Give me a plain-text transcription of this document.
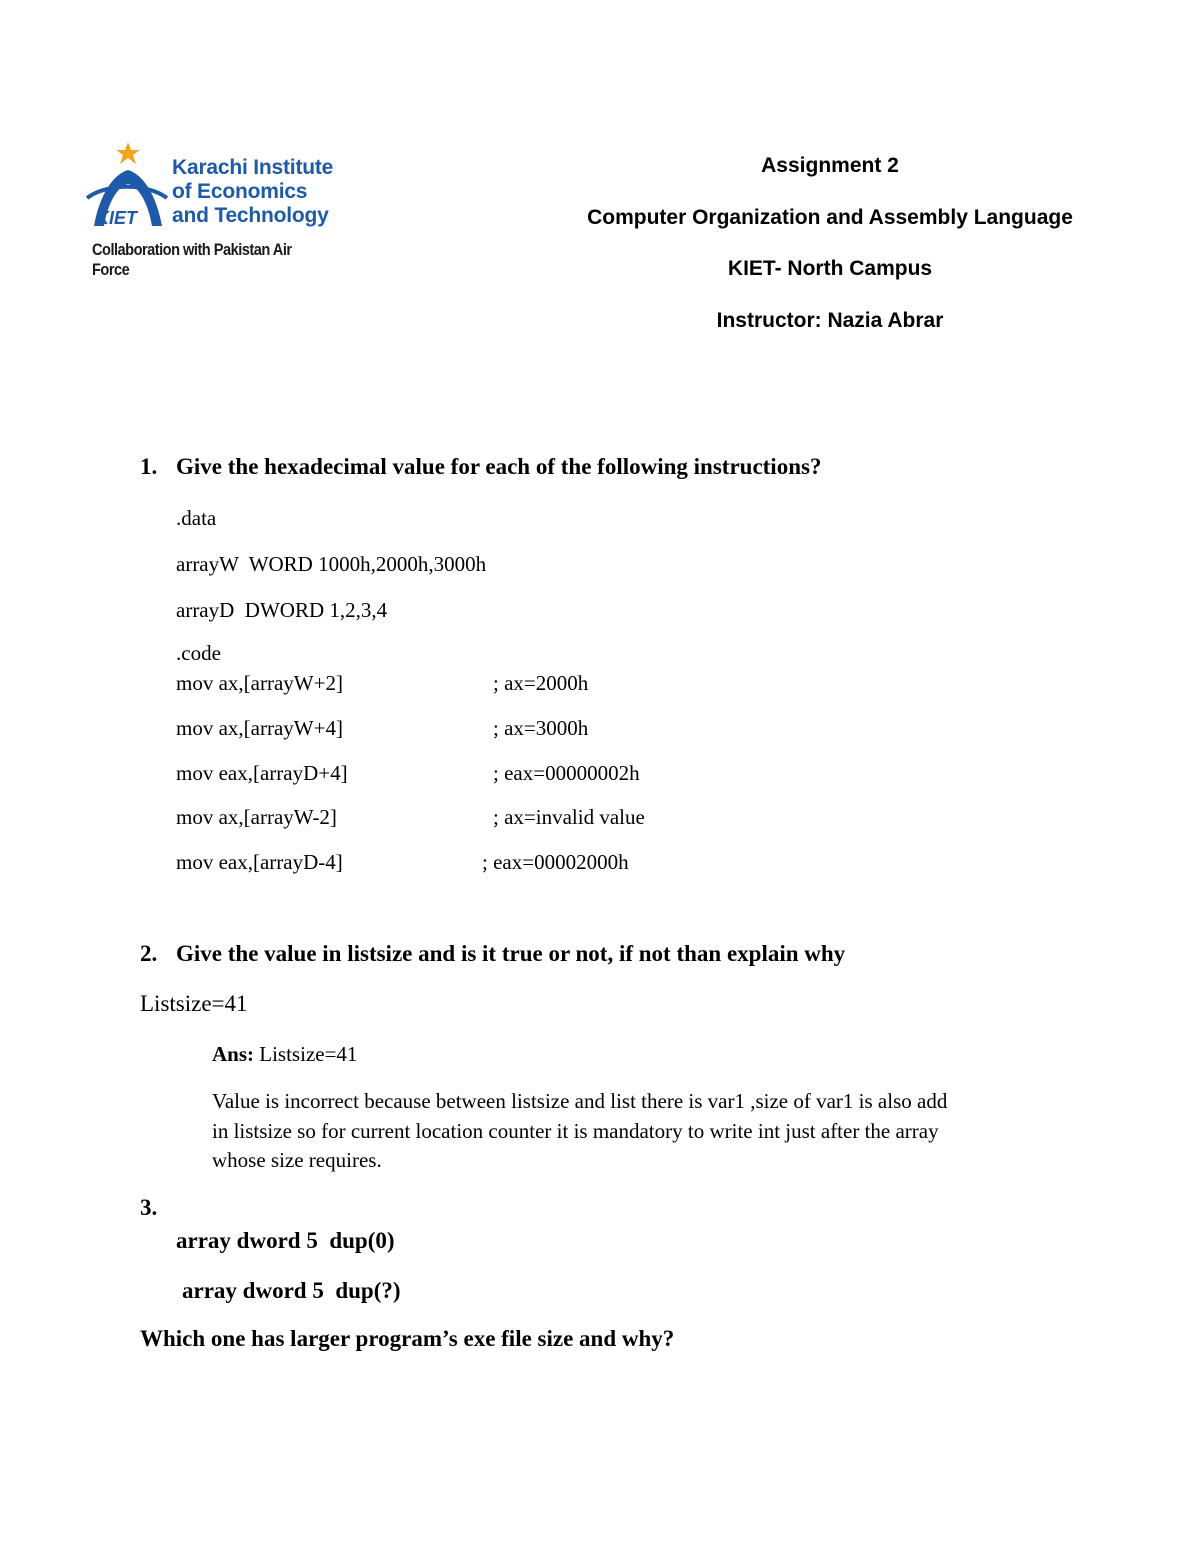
KIET
Karachi Institute
of Economics
and Technology
Collaboration with Pakistan Air Force
Assignment 2
Computer Organization and Assembly Language
KIET- North Campus
Instructor: Nazia Abrar
1. Give the hexadecimal value for each of the following instructions?
.data
arrayW  WORD 1000h,2000h,3000h
arrayD  DWORD 1,2,3,4
.code
mov ax,[arrayW+2]	; ax=2000h
mov ax,[arrayW+4]	; ax=3000h
mov eax,[arrayD+4]	; eax=00000002h
mov ax,[arrayW-2]	; ax=invalid value
mov eax,[arrayD-4]	; eax=00002000h
2. Give the value in listsize and is it true or not, if not than explain why
Listsize=41
Ans: Listsize=41
Value is incorrect because between listsize and list there is var1 ,size of var1 is also add
in listsize so for current location counter it is mandatory to write int just after the array
whose size requires.
3.
array dword 5  dup(0)
array dword 5  dup(?)
Which one has larger program’s exe file size and why?
